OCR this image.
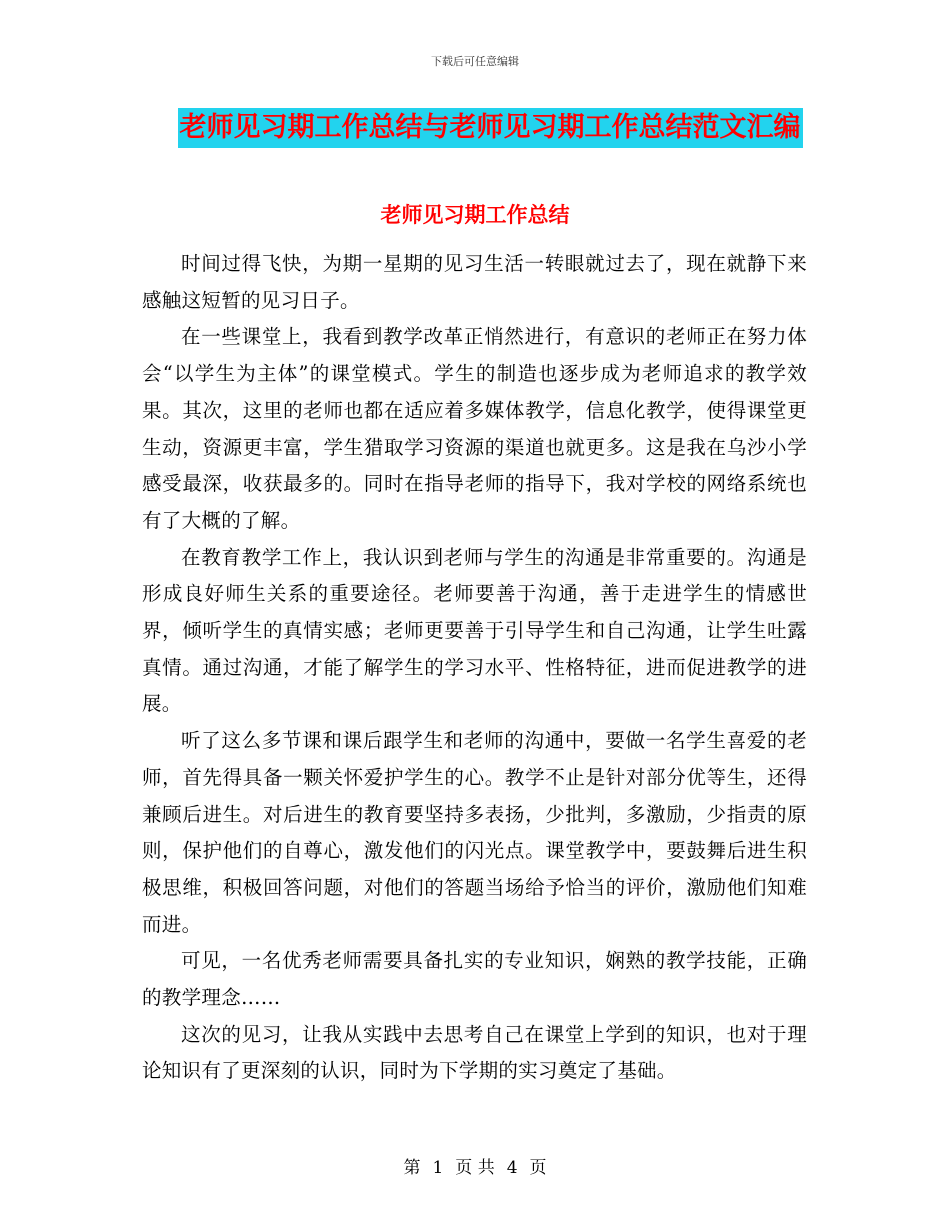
下载后可任意编辑
老师见习期工作总结与老师见习期工作总结范文汇编
老师见习期工作总结

时间过得飞快，为期一星期的见习生活一转眼就过去了，现在就静下来感触这短暂的见习日子。

在一些课堂上，我看到教学改革正悄然进行，有意识的老师正在努力体会“以学生为主体”的课堂模式。学生的制造也逐步成为老师追求的教学效果。其次，这里的老师也都在适应着多媒体教学，信息化教学，使得课堂更生动，资源更丰富，学生猎取学习资源的渠道也就更多。这是我在乌沙小学感受最深，收获最多的。同时在指导老师的指导下，我对学校的网络系统也有了大概的了解。

在教育教学工作上，我认识到老师与学生的沟通是非常重要的。沟通是形成良好师生关系的重要途径。老师要善于沟通，善于走进学生的情感世界，倾听学生的真情实感；老师更要善于引导学生和自己沟通，让学生吐露真情。通过沟通，才能了解学生的学习水平、性格特征，进而促进教学的进展。

听了这么多节课和课后跟学生和老师的沟通中，要做一名学生喜爱的老师，首先得具备一颗关怀爱护学生的心。教学不止是针对部分优等生，还得兼顾后进生。对后进生的教育要坚持多表扬，少批判，多激励，少指责的原则，保护他们的自尊心，激发他们的闪光点。课堂教学中，要鼓舞后进生积极思维，积极回答问题，对他们的答题当场给予恰当的评价，激励他们知难而进。

可见，一名优秀老师需要具备扎实的专业知识，娴熟的教学技能，正确的教学理念……

这次的见习，让我从实践中去思考自己在课堂上学到的知识，也对于理论知识有了更深刻的认识，同时为下学期的实习奠定了基础。

第 1 页 共 4 页
